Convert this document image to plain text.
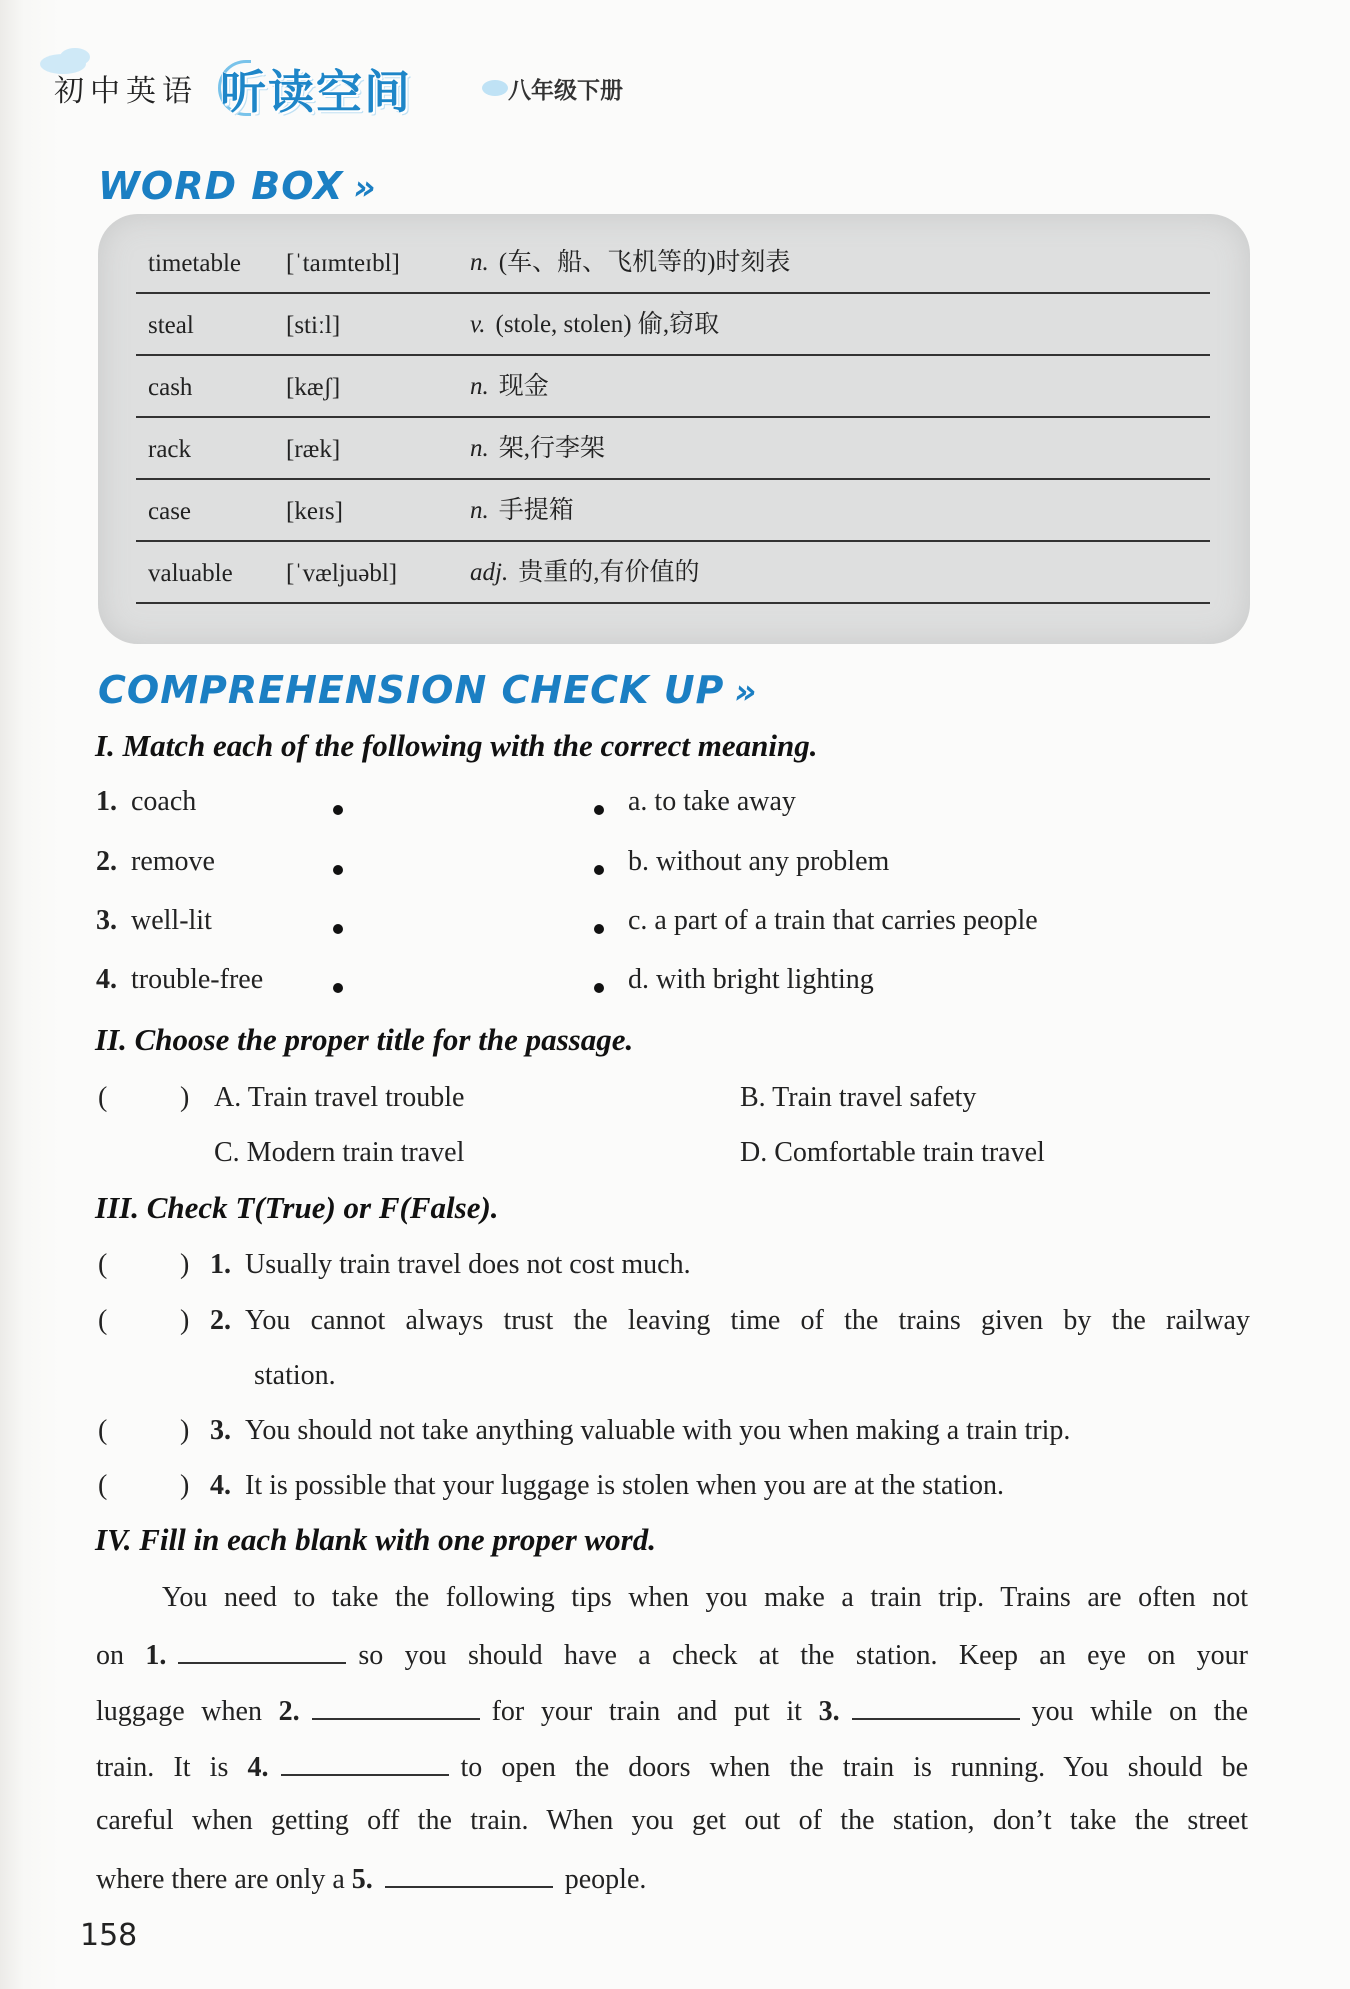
初中英语 听读空间	八年级下册
WORD BOX »
timetable [ˈtaɪmteɪbl]	n. (车、船、飞机等的)时刻表
steal	[stiːl]	v. (stole, stolen) 偷,窃取
cash	[kæʃ]	n. 现金
rack	[ræk]	n. 架,行李架
case	[keɪs]	n. 手提箱
valuable [ˈvæljuəbl]	adj. 贵重的,有价值的
COMPREHENSION CHECK UP »
I. Match each of the following with the correct meaning.
1. coach
2. remove
3. well-lit
4. trouble-free
a. to take away
b. without any problem
c. a part of a train that carries people
d. with bright lighting
II. Choose the proper title for the passage.
(	) A. Train travel trouble	B. Train travel safety
C. Modern train travel	D. Comfortable train travel
III. Check T(True) or F(False).
(	) 1. Usually train travel does not cost much.
(	) 2. You cannot always trust the leaving time of the trains given by the railway
station.
(	) 3. You should not take anything valuable with you when making a train trip.
(	) 4. It is possible that your luggage is stolen when you are at the station.
IV. Fill in each blank with one proper word.
You need to take the following tips when you make a train trip. Trains are often not
on 1.	so you should have a check at the station. Keep an eye on your
luggage when 2.	for your train and put it 3.	you while on the
train. It is 4.	to open the doors when the train is running. You should be
careful when getting off the train. When you get out of the station, don’t take the street
where there are only a 5.	people.
158
